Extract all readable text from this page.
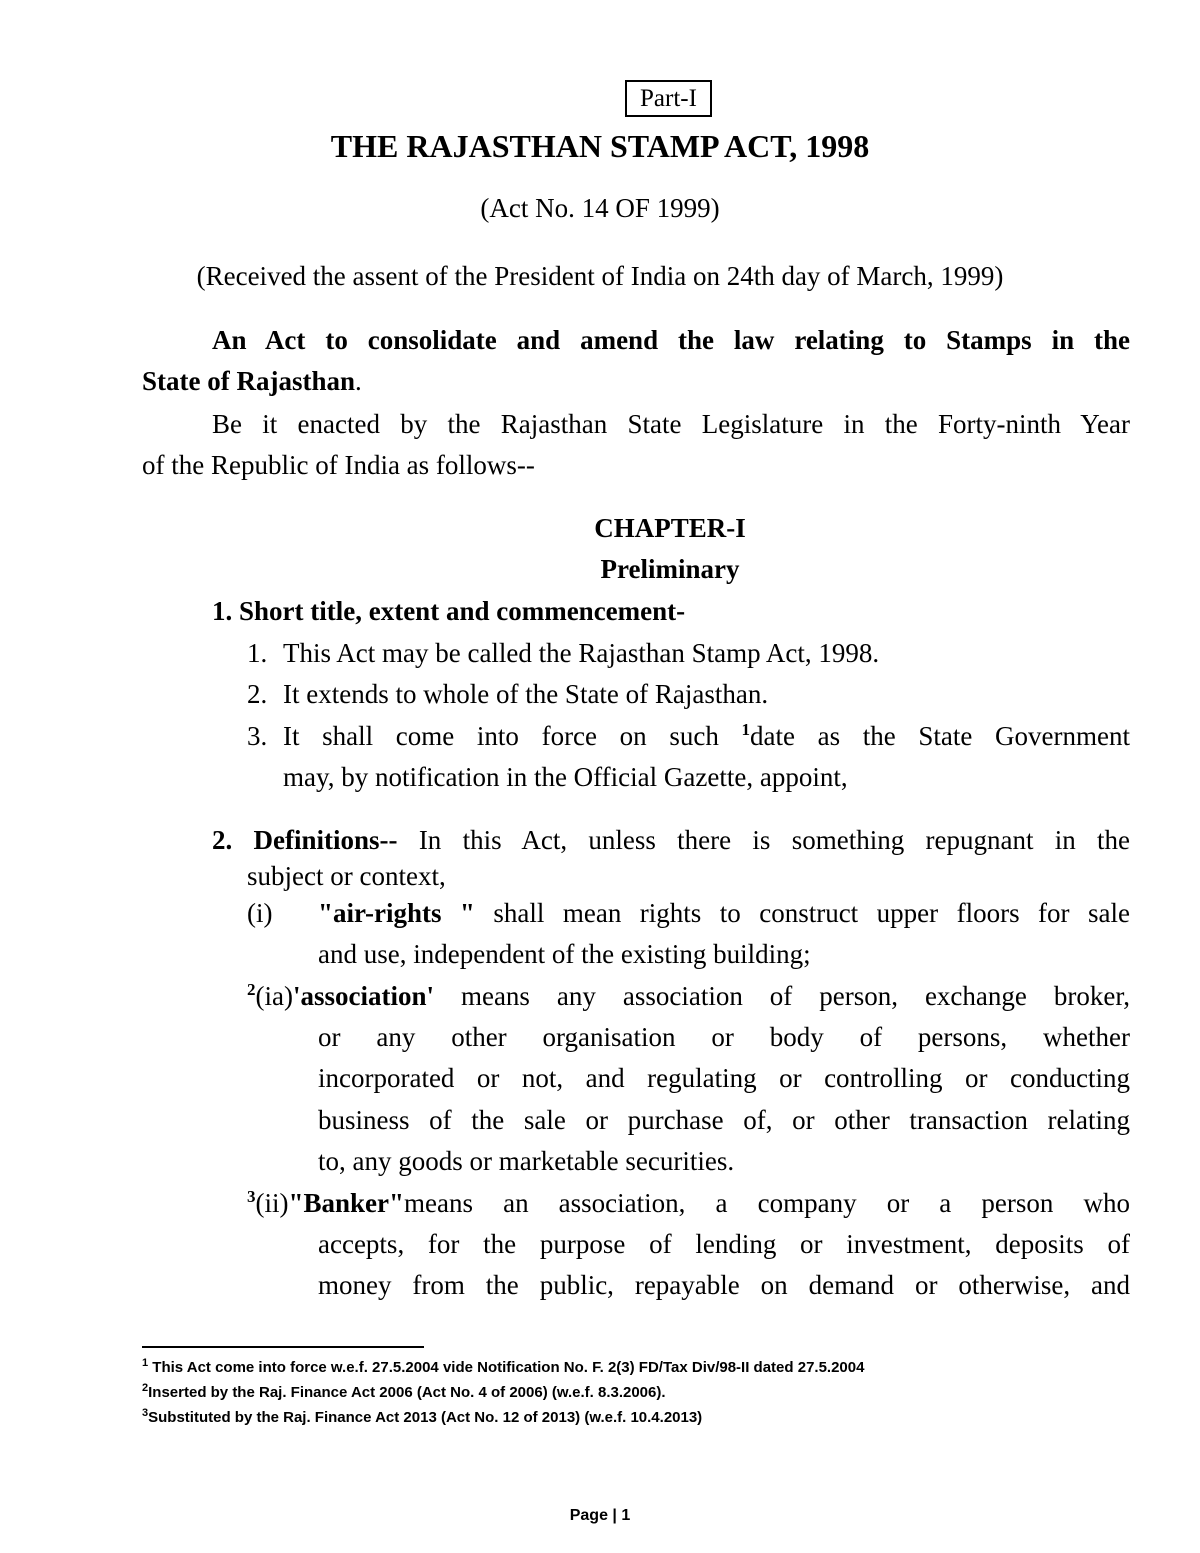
Part-I
THE RAJASTHAN STAMP ACT, 1998
(Act No. 14 OF 1999)
(Received the assent of the President of India on 24th day of March, 1999)
An Act to consolidate and amend the law relating to Stamps in the
State of Rajasthan.
Be it enacted by the Rajasthan State Legislature in the Forty-ninth Year
of the Republic of India as follows--
CHAPTER-I
Preliminary
1. Short title, extent and commencement-
1. This Act may be called the Rajasthan Stamp Act, 1998.
2. It extends to whole of the State of Rajasthan.
3. It shall come into force on such $^1$date as the State Government
may, by notification in the Official Gazette, appoint,
2. Definitions-- In this Act, unless there is something repugnant in the
subject or context,
(i)	"air-rights " shall mean rights to construct upper floors for sale
and use, independent of the existing building;
$^2$(ia)'association' means any association of person, exchange broker,
or any other organisation or body of persons, whether
incorporated or not, and regulating or controlling or conducting
business of the sale or purchase of, or other transaction relating
to, any goods or marketable securities.
$^3$(ii)"Banker"means an association, a company or a person who
accepts, for the purpose of lending or investment, deposits of
money from the public, repayable on demand or otherwise, and
$^1$ This Act come into force w.e.f. 27.5.2004 vide Notification No. F. 2(3) FD/Tax Div/98-II dated 27.5.2004
$^2$Inserted by the Raj. Finance Act 2006 (Act No. 4 of 2006) (w.e.f. 8.3.2006).
$^3$Substituted by the Raj. Finance Act 2013 (Act No. 12 of 2013) (w.e.f. 10.4.2013)
Page | 1
